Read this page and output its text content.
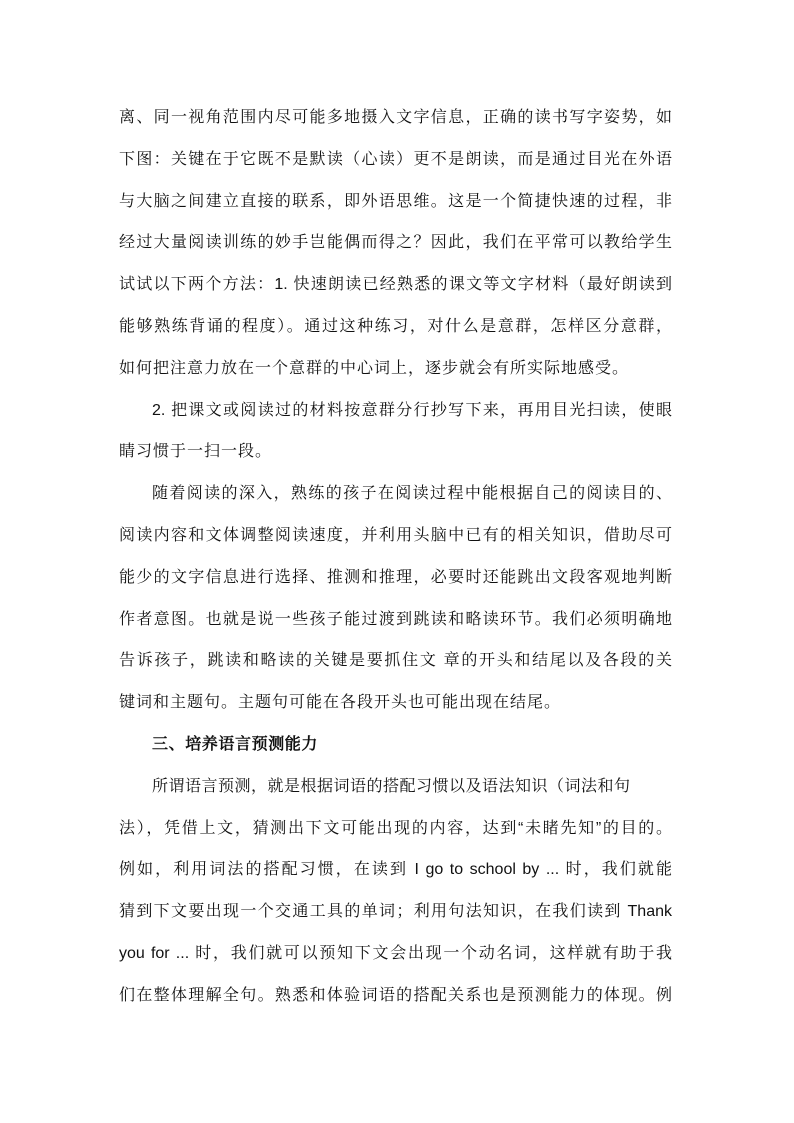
离、同一视角范围内尽可能多地摄入文字信息，正确的读书写字姿势，如
下图：关键在于它既不是默读（心读）更不是朗读，而是通过目光在外语
与大脑之间建立直接的联系，即外语思维。这是一个简捷快速的过程，非
经过大量阅读训练的妙手岂能偶而得之？因此，我们在平常可以教给学生
试试以下两个方法：1. 快速朗读已经熟悉的课文等文字材料（最好朗读到
能够熟练背诵的程度）。通过这种练习，对什么是意群，怎样区分意群，
如何把注意力放在一个意群的中心词上，逐步就会有所实际地感受。
2. 把课文或阅读过的材料按意群分行抄写下来，再用目光扫读，使眼
睛习惯于一扫一段。
随着阅读的深入，熟练的孩子在阅读过程中能根据自己的阅读目的、
阅读内容和文体调整阅读速度，并利用头脑中已有的相关知识，借助尽可
能少的文字信息进行选择、推测和推理，必要时还能跳出文段客观地判断
作者意图。也就是说一些孩子能过渡到跳读和略读环节。我们必须明确地
告诉孩子，跳读和略读的关键是要抓住文 章的开头和结尾以及各段的关
键词和主题句。主题句可能在各段开头也可能出现在结尾。
三、培养语言预测能力
所谓语言预测，就是根据词语的搭配习惯以及语法知识（词法和句
法），凭借上文，猜测出下文可能出现的内容，达到“未睹先知”的目的。
例如，利用词法的搭配习惯，在读到 I go to school by ... 时，我们就能
猜到下文要出现一个交通工具的单词；利用句法知识，在我们读到 Thank
you for ... 时，我们就可以预知下文会出现一个动名词，这样就有助于我
们在整体理解全句。熟悉和体验词语的搭配关系也是预测能力的体现。例
